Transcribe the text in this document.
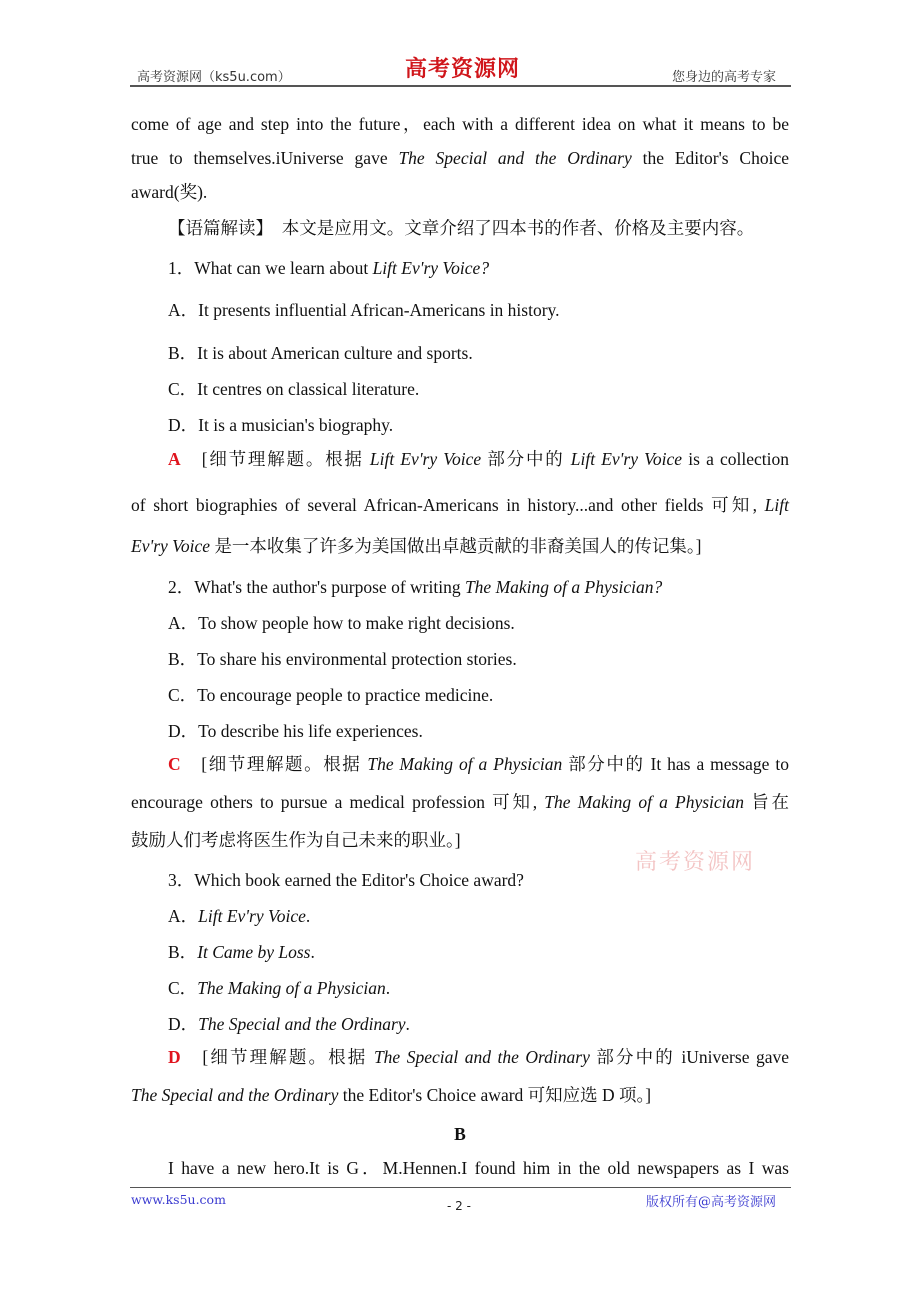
高考资源网（ks5u.com）	高考资源网	您身边的高考专家
come of age and step into the future，each with a different idea on what it means to be
true to themselves.iUniverse gave The Special and the Ordinary the Editor's Choice
award(奖).
【语篇解读】　本文是应用文。文章介绍了四本书的作者、价格及主要内容。
1．What can we learn about Lift Ev'ry Voice?
A．It presents influential African-Americans in history.
B．It is about American culture and sports.
C．It centres on classical literature.
D．It is a musician's biography.
A　[细节理解题。根据 Lift Ev'ry Voice 部分中的 Lift Ev'ry Voice is a collection
of short biographies of several African-Americans in history...and other fields 可知, Lift
Ev'ry Voice 是一本收集了许多为美国做出卓越贡献的非裔美国人的传记集。]
2．What's the author's purpose of writing The Making of a Physician?
A．To show people how to make right decisions.
B．To share his environmental protection stories.
C．To encourage people to practice medicine.
D．To describe his life experiences.
C　[细节理解题。根据 The Making of a Physician 部分中的 It has a message to
encourage others to pursue a medical profession 可知, The Making of a Physician 旨在
鼓励人们考虑将医生作为自己未来的职业。]
3．Which book earned the Editor's Choice award?
A．Lift Ev'ry Voice.
B．It Came by Loss.
C．The Making of a Physician.
D．The Special and the Ordinary.
D　[细节理解题。根据 The Special and the Ordinary 部分中的 iUniverse gave
The Special and the Ordinary the Editor's Choice award 可知应选 D 项。]
B
I have a new hero.It is G．M.Hennen.I found him in the old newspapers as I was
高考资源网
www.ks5u.com	- 2 -	版权所有@高考资源网
